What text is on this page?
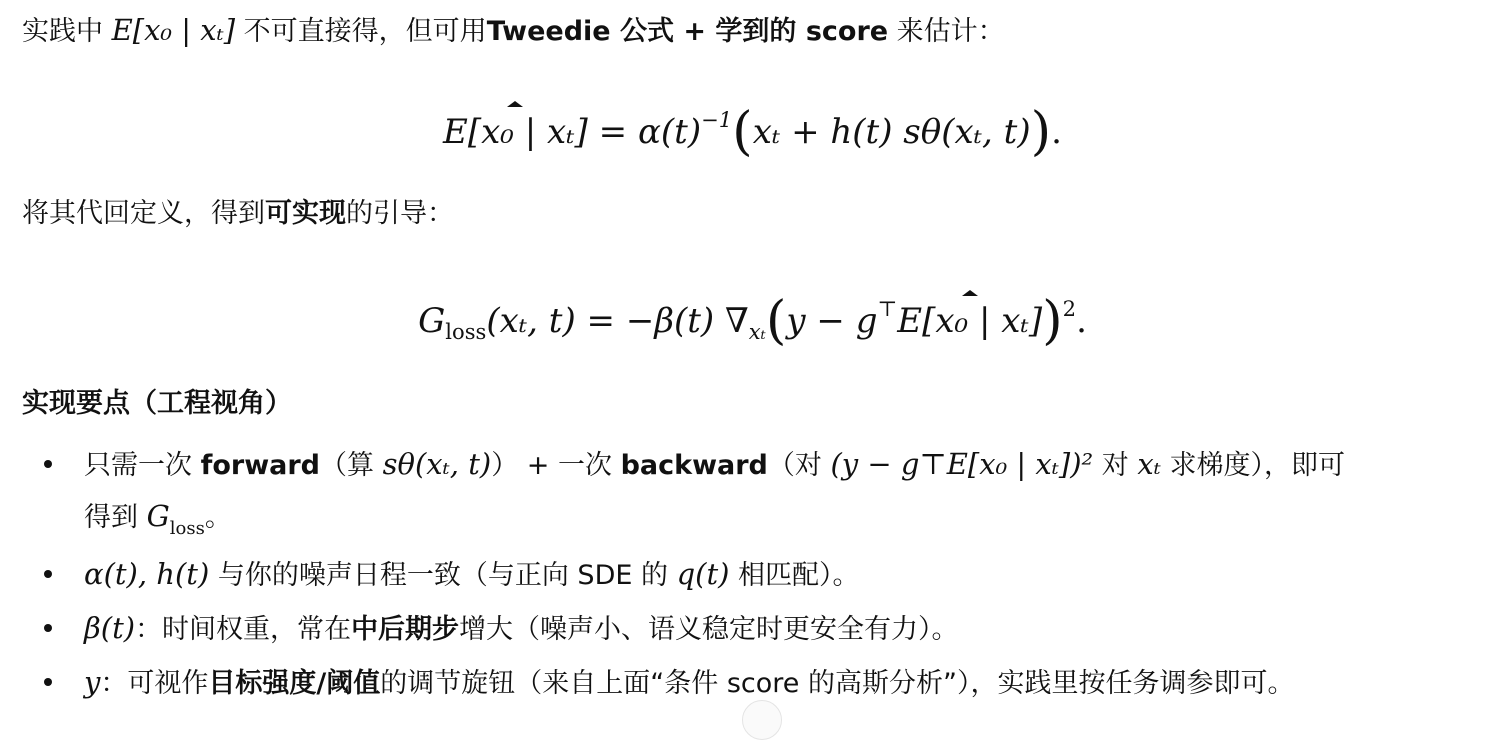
实践中 E[x₀ | xₜ] 不可直接得，但可用Tweedie 公式 + 学到的 score 来估计：
E[x₀ | $x_t] = \alpha(t)^{-1}(x_t + h(t)$ sθ(xₜ, t)).
将其代回定义，得到可实现的引导：
$G_{loss}(x_t$, t) = −β(t) $\nabla_{x_t}(y - g^⊤E[x_0$ | xₜ])$^2$.
实现要点（工程视角）
只需一次 forward（算 sθ(xₜ, t)） + 一次 backward（对 (y − g⊤E[x₀ | xₜ])² 对 xₜ 求梯度），即可
得到 $G_{loss}$。
α(t), h(t) 与你的噪声日程一致（与正向 SDE 的 q(t) 相匹配）。
β(t)：时间权重，常在中后期步增大（噪声小、语义稳定时更安全有力）。
y：可视作目标强度/阈值的调节旋钮（来自上面“条件 score 的高斯分析”），实践里按任务调参即可。
